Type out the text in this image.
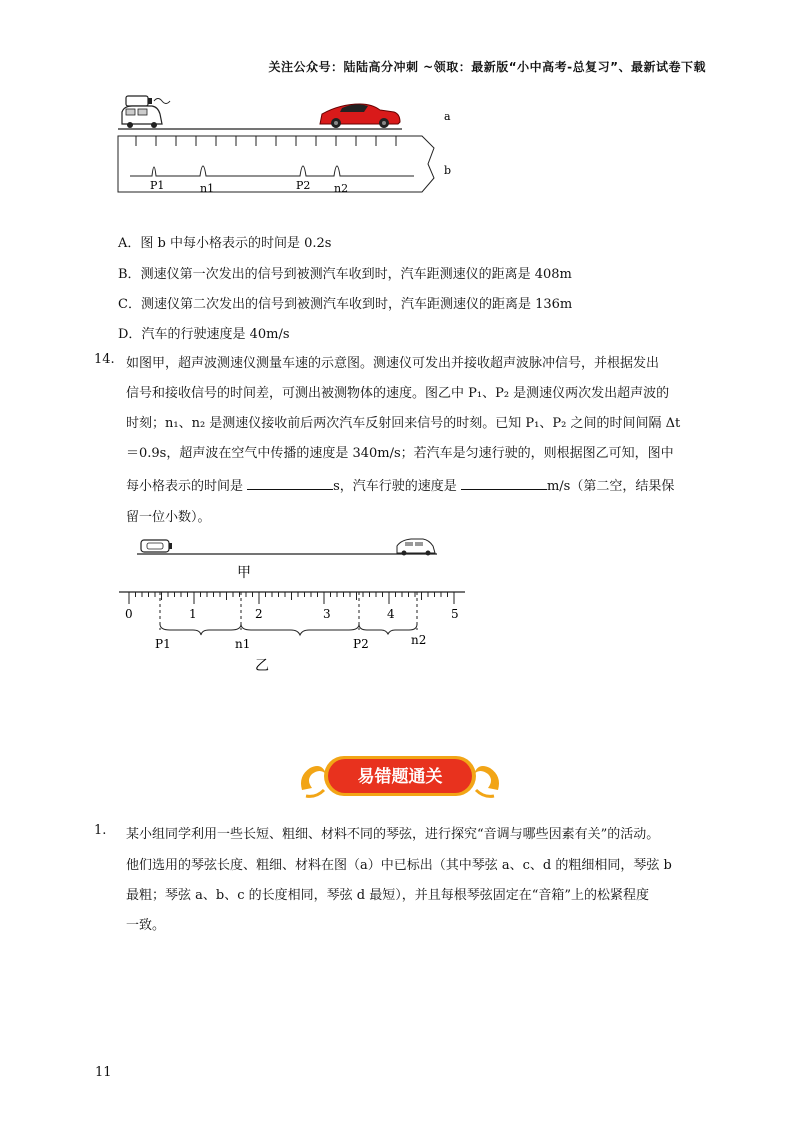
关注公众号：陆陆高分冲刺 ~领取：最新版“小中高考-总复习”、最新试卷下载
a
b
P1	n1	P2 n2
A．图 b 中每小格表示的时间是 0.2s
B．测速仪第一次发出的信号到被测汽车收到时，汽车距测速仪的距离是 408m
C．测速仪第二次发出的信号到被测汽车收到时，汽车距测速仪的距离是 136m
D．汽车的行驶速度是 40m/s
14. 如图甲，超声波测速仪测量车速的示意图。测速仪可发出并接收超声波脉冲信号，并根据发出
信号和接收信号的时间差，可测出被测物体的速度。图乙中 P₁、P₂ 是测速仪两次发出超声波的
时刻；n₁、n₂ 是测速仪接收前后两次汽车反射回来信号的时刻。已知 P₁、P₂ 之间的时间间隔 Δt
＝0.9s，超声波在空气中传播的速度是 340m/s；若汽车是匀速行驶的，则根据图乙可知，图中
每小格表示的时间是	s，汽车行驶的速度是	m/s（第二空，结果保
留一位小数）。
甲
0	1	2	3	4	5
P1	n1	P2	n2
乙
易错题通关
1. 某小组同学利用一些长短、粗细、材料不同的琴弦，进行探究“音调与哪些因素有关”的活动。
他们选用的琴弦长度、粗细、材料在图（a）中已标出（其中琴弦 a、c、d 的粗细相同，琴弦 b
最粗；琴弦 a、b、c 的长度相同，琴弦 d 最短），并且每根琴弦固定在“音箱”上的松紧程度
一致。
11
